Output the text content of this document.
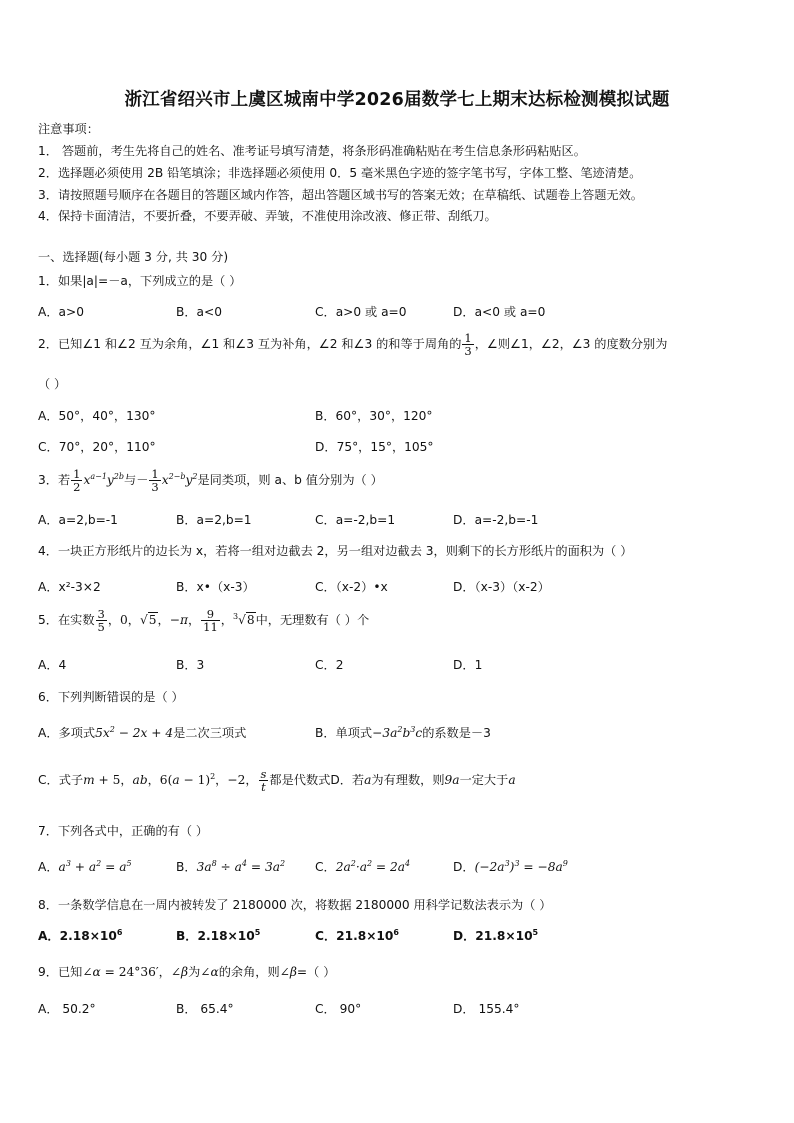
浙江省绍兴市上虞区城南中学2026届数学七上期末达标检测模拟试题
注意事项：
1． 答题前，考生先将自己的姓名、准考证号填写清楚，将条形码准确粘贴在考生信息条形码粘贴区。
2．选择题必须使用 2B 铅笔填涂；非选择题必须使用 0．5 毫米黑色字迹的签字笔书写，字体工整、笔迹清楚。
3．请按照题号顺序在各题目的答题区域内作答，超出答题区域书写的答案无效；在草稿纸、试题卷上答题无效。
4．保持卡面清洁，不要折叠，不要弄破、弄皱，不准使用涂改液、修正带、刮纸刀。
一、选择题(每小题 3 分, 共 30 分)
1．如果|a|=－a，下列成立的是（ ）
A．a>0	B．a<0	C．a>0 或 a=0	D．a<0 或 a=0
2．已知∠1 和∠2 互为余角，∠1 和∠3 互为补角，∠2 和∠3 的和等于周角的 $\frac{1}{3}$ ，∠则∠1，∠2，∠3 的度数分别为
（ ）
A．50°，40°，130°	B．60°，30°，120°
C．70°，20°，110°	D．75°，15°，105°
3．若 $\frac{1}{2} x^{a-1}y^{2b}$与－ $\frac{1}{3} x^{2-b}y^2$是同类项，则 a、b 值分别为（ ）
A．a=2,b=-1	B．a=2,b=1	C．a=-2,b=1	D．a=-2,b=-1
4．一块正方形纸片的边长为 x，若将一组对边截去 2，另一组对边截去 3，则剩下的长方形纸片的面积为（ ）
A．x²-3×2	B．x•（x-3）	C．（x-2）•x	D．（x-3）（x-2）
5．在实数 $\frac{3}{5}$ ，0，√5，−π， $\frac{9}{11}$ ，$^3$√8中，无理数有（ ）个
A．4	B．3	C．2	D．1
6．下列判断错误的是（ ）
A．多项式$5x^2 - 2x + 4$是二次三项式	B．单项式$-3a^2b^3c$的系数是－3
C．式子m + 5，ab，$6(a - 1)^2$，−2， $\frac{s}{t}$ 都是代数式D．若a为有理数，则9a一定大于a
7．下列各式中，正确的有（ ）
A．$a^3 + a^2 = a^5$	B．$3a^8 \div a^4 = 3a^2$ C．$2a^2\cdot a^2 = 2a^4$	D．$(-2a^3)^3 = -8a^9$
8．一条数学信息在一周内被转发了 2180000 次，将数据 2180000 用科学记数法表示为（ ）
A．$2.18\times 10^6$	B．$2.18\times 10^5$	C．$21.8\times 10^6$	D．$21.8\times 10^5$
9．已知∠α = 24°36′，∠β为∠α的余角，则∠β=（ ）
A． 50.2°	B． 65.4°	C． 90°	D． 155.4°
